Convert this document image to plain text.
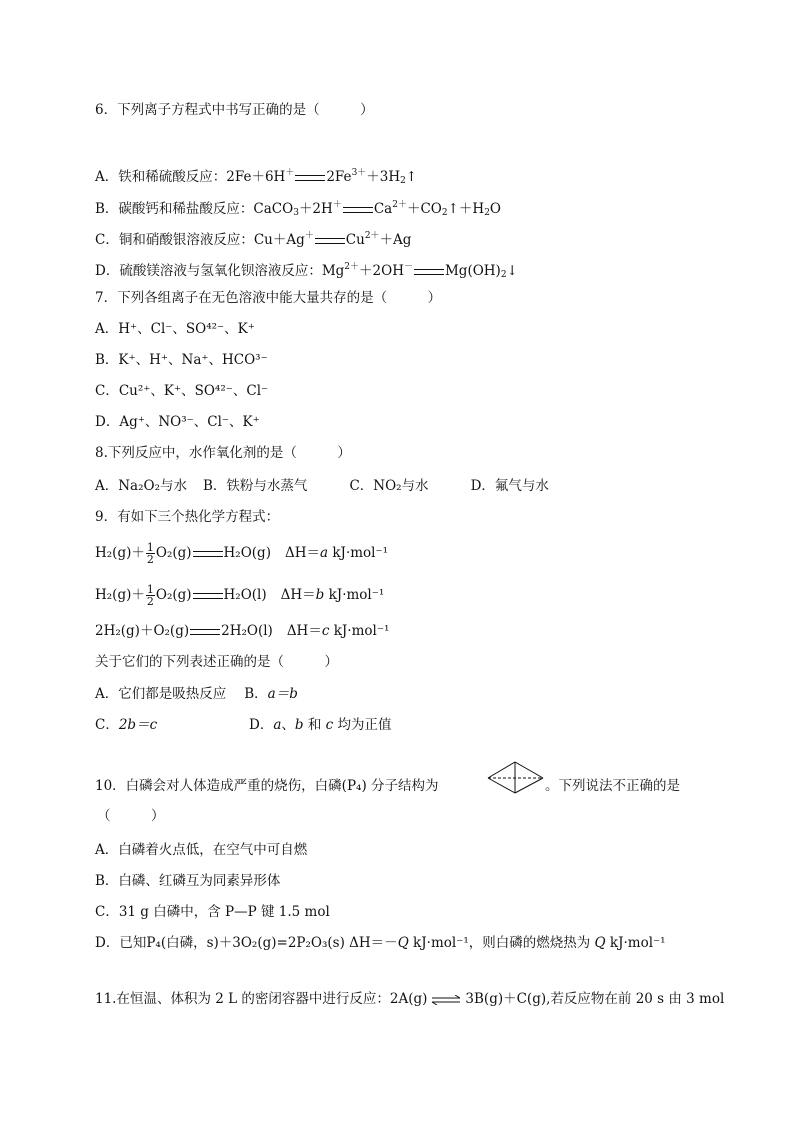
6．下列离子方程式中书写正确的是（　　　）
A．铁和稀硫酸反应：2Fe＋6H＋ $2Fe^{3+}+3H_2↑$
B．碳酸钙和稀盐酸反应：CaCO$_3$＋2H＋ $Ca^{2+}+CO_2↑+H_2O$
C．铜和硝酸银溶液反应：Cu＋Ag＋ $Cu^{2+}+Ag$
D．硫酸镁溶液与氢氧化钡溶液反应：$Mg^{2+}+2OH^-$ $Mg(OH)_2↓$
7．下列各组离子在无色溶液中能大量共存的是（　　　）
A．H⁺、Cl⁻、SO⁴²⁻、K⁺
B．K⁺、H⁺、Na⁺、HCO³⁻
C．Cu²⁺、K⁺、SO⁴²⁻、Cl⁻
D．Ag⁺、NO³⁻、Cl⁻、K⁺
8.下列反应中，水作氧化剂的是（　　　）
A．Na₂O₂与水 B．铁粉与水蒸气	C．NO₂与水	D．氟气与水
9．有如下三个热化学方程式：
$H_2(g)+ \frac{1}{2} O_2(g)$ H₂O(g) ΔH＝a kJ·mol⁻¹
$H_2(g)+ \frac{1}{2} O_2(g)$ H₂O(l) ΔH＝b kJ·mol⁻¹
2H₂(g)＋O₂(g) 2H₂O(l) ΔH＝c kJ·mol⁻¹
关于它们的下列表述正确的是（　　　）
A．它们都是吸热反应 B．a＝b
C．2b＝c	D．a、b 和 c 均为正值
10．白磷会对人体造成严重的烧伤，白磷(P₄) 分子结构为	。下列说法不正确的是
（　　　）
A．白磷着火点低，在空气中可自燃
B．白磷、红磷互为同素异形体
C．31 g 白磷中，含 P—P 键 1.5 mol
D．已知P₄(白磷，s)＋3O₂(g)=2P₂O₃(s) ΔH＝－Q kJ·mol⁻¹，则白磷的燃烧热为 Q kJ·mol⁻¹
11.在恒温、体积为 2 L 的密闭容器中进行反应：2A(g) ⇌ 3B(g)＋C(g),若反应物在前 20 s 由 3 mol
